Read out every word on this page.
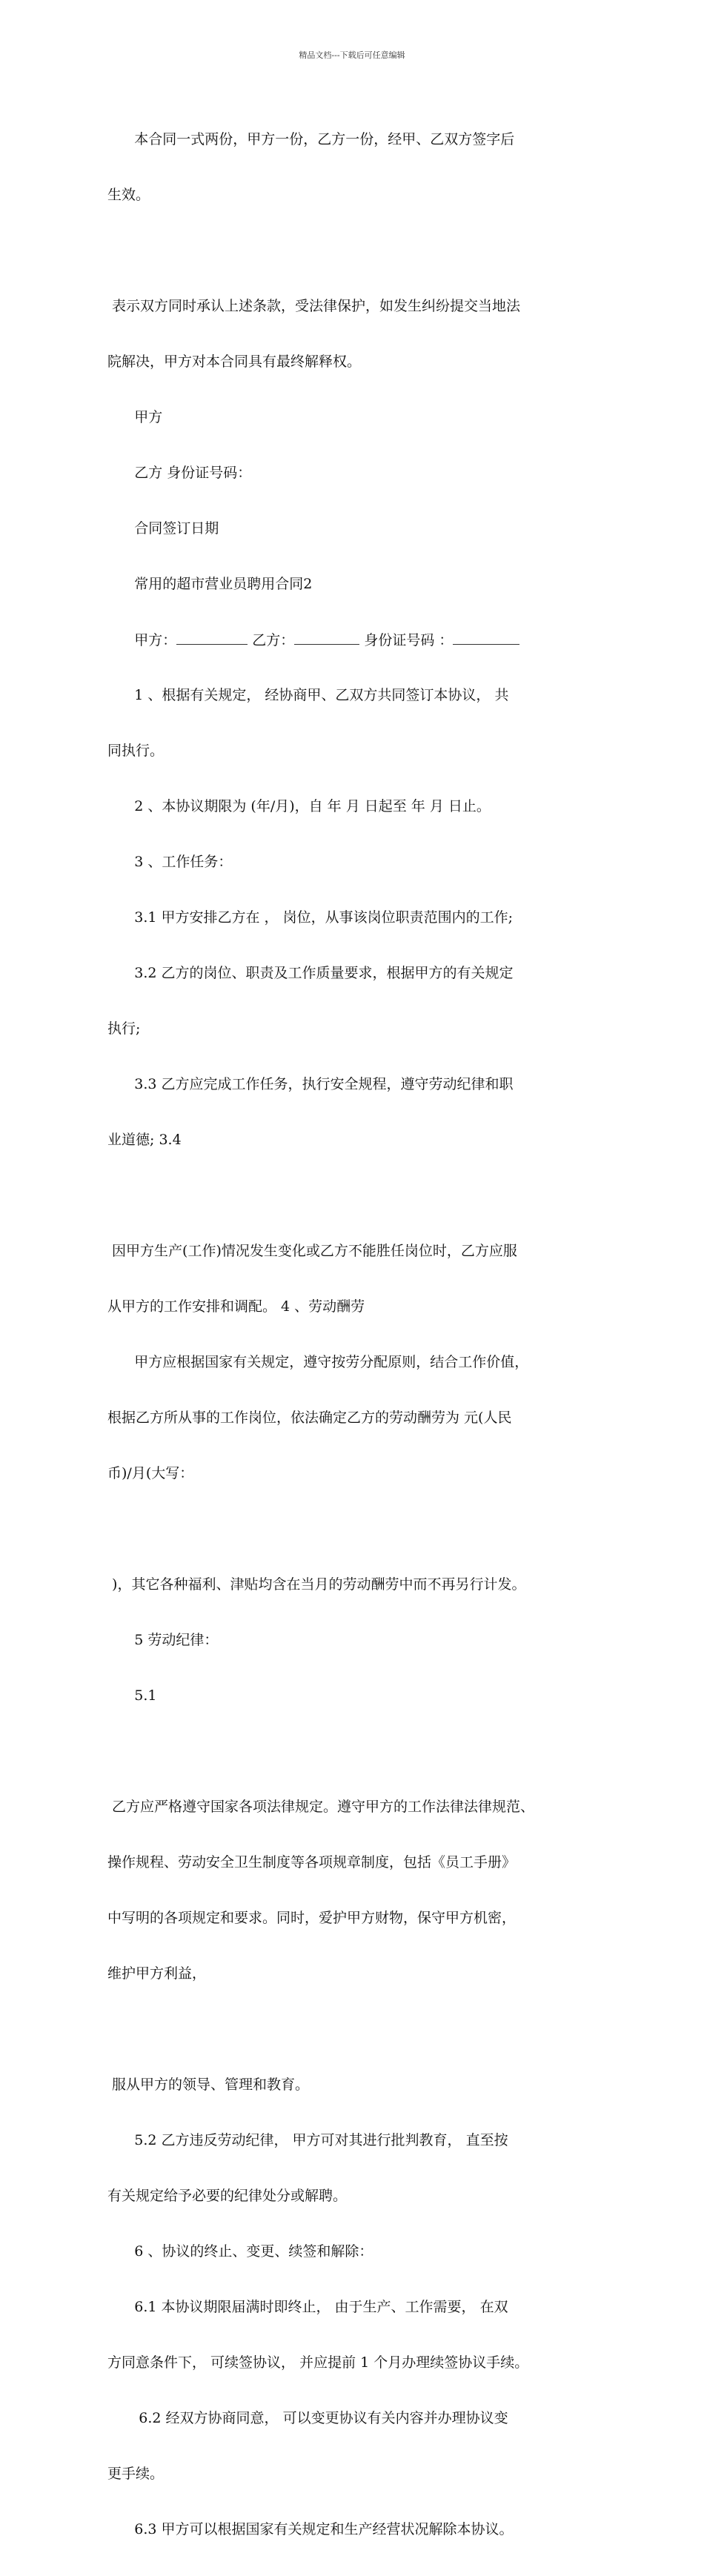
精品文档---下载后可任意编辑

本合同一式两份，甲方一份，乙方一份，经甲、乙双方签字后

生效。

表示双方同时承认上述条款，受法律保护，如发生纠纷提交当地法

院解决，甲方对本合同具有最终解释权。

甲方

乙方 身份证号码：

合同签订日期

常用的超市营业员聘用合同2

甲方：	乙方：	身份证号码 ：

1 、根据有关规定， 经协商甲、乙双方共同签订本协议， 共

同执行。

2 、本协议期限为 (年/月)，自 年 月 日起至 年 月 日止。

3 、工作任务：

3.1 甲方安排乙方在 ， 岗位，从事该岗位职责范围内的工作;

3.2 乙方的岗位、职责及工作质量要求，根据甲方的有关规定

执行;

3.3 乙方应完成工作任务，执行安全规程，遵守劳动纪律和职

业道德; 3.4

因甲方生产(工作)情况发生变化或乙方不能胜任岗位时，乙方应服

从甲方的工作安排和调配。 4 、劳动酬劳

甲方应根据国家有关规定，遵守按劳分配原则，结合工作价值，

根据乙方所从事的工作岗位，依法确定乙方的劳动酬劳为 元(人民

币)/月(大写：

)，其它各种福利、津贴均含在当月的劳动酬劳中而不再另行计发。

5 劳动纪律：

5.1

乙方应严格遵守国家各项法律规定。遵守甲方的工作法律法律规范、

操作规程、劳动安全卫生制度等各项规章制度，包括《员工手册》

中写明的各项规定和要求。同时，爱护甲方财物，保守甲方机密，

维护甲方利益，

服从甲方的领导、管理和教育。

5.2 乙方违反劳动纪律， 甲方可对其进行批判教育， 直至按

有关规定给予必要的纪律处分或解聘。

6 、协议的终止、变更、续签和解除：

6.1 本协议期限届满时即终止， 由于生产、工作需要， 在双

方同意条件下， 可续签协议， 并应提前 1 个月办理续签协议手续。

6.2 经双方协商同意， 可以变更协议有关内容并办理协议变

更手续。

6.3 甲方可以根据国家有关规定和生产经营状况解除本协议。
